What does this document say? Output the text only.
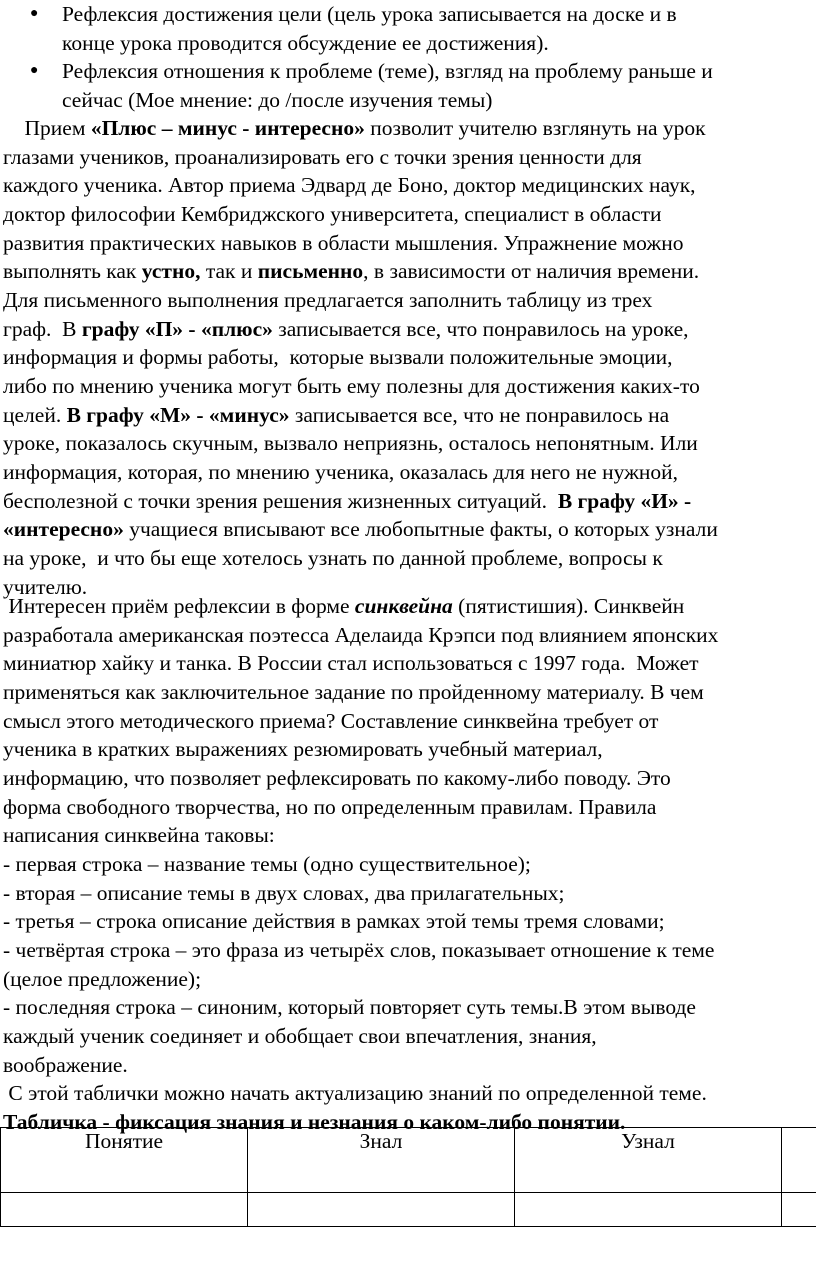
● Рефлексия достижения цели (цель урока записывается на доске и в
конце урока проводится обсуждение ее достижения).
● Рефлексия отношения к проблеме (теме), взгляд на проблему раньше и
сейчас (Мое мнение: до /после изучения темы)
Прием «Плюс – минус - интересно» позволит учителю взглянуть на урок
глазами учеников, проанализировать его с точки зрения ценности для
каждого ученика. Автор приема Эдвард де Боно, доктор медицинских наук,
доктор философии Кембриджского университета, специалист в области
развития практических навыков в области мышления. Упражнение можно
выполнять как устно, так и письменно, в зависимости от наличия времени.
Для письменного выполнения предлагается заполнить таблицу из трех
граф.  В графу «П» - «плюс» записывается все, что понравилось на уроке,
информация и формы работы,  которые вызвали положительные эмоции,
либо по мнению ученика могут быть ему полезны для достижения каких-то
целей. В графу «М» - «минус» записывается все, что не понравилось на
уроке, показалось скучным, вызвало неприязнь, осталось непонятным. Или
информация, которая, по мнению ученика, оказалась для него не нужной,
бесполезной с точки зрения решения жизненных ситуаций.  В графу «И» -
«интересно» учащиеся вписывают все любопытные факты, о которых узнали
на уроке,  и что бы еще хотелось узнать по данной проблеме, вопросы к
учителю.
Интересен приём рефлексии в форме синквейна (пятистишия). Синквейн
разработала американская поэтесса Аделаида Крэпси под влиянием японских
миниатюр хайку и танка. В России стал использоваться с 1997 года.  Может
применяться как заключительное задание по пройденному материалу. В чем
смысл этого методического приема? Составление синквейна требует от
ученика в кратких выражениях резюмировать учебный материал,
информацию, что позволяет рефлексировать по какому-либо поводу. Это
форма свободного творчества, но по определенным правилам. Правила
написания синквейна таковы:
- первая строка – название темы (одно существительное);
- вторая – описание темы в двух словах, два прилагательных;
- третья – строка описание действия в рамках этой темы тремя словами;
- четвёртая строка – это фраза из четырёх слов, показывает отношение к теме
(целое предложение);
- последняя строка – синоним, который повторяет суть темы.В этом выводе
каждый ученик соединяет и обобщает свои впечатления, знания,
воображение.
С этой таблички можно начать актуализацию знаний по определенной теме.
Табличка - фиксация знания и незнания о каком-либо понятии.
Понятие	Знал	Узнал	
